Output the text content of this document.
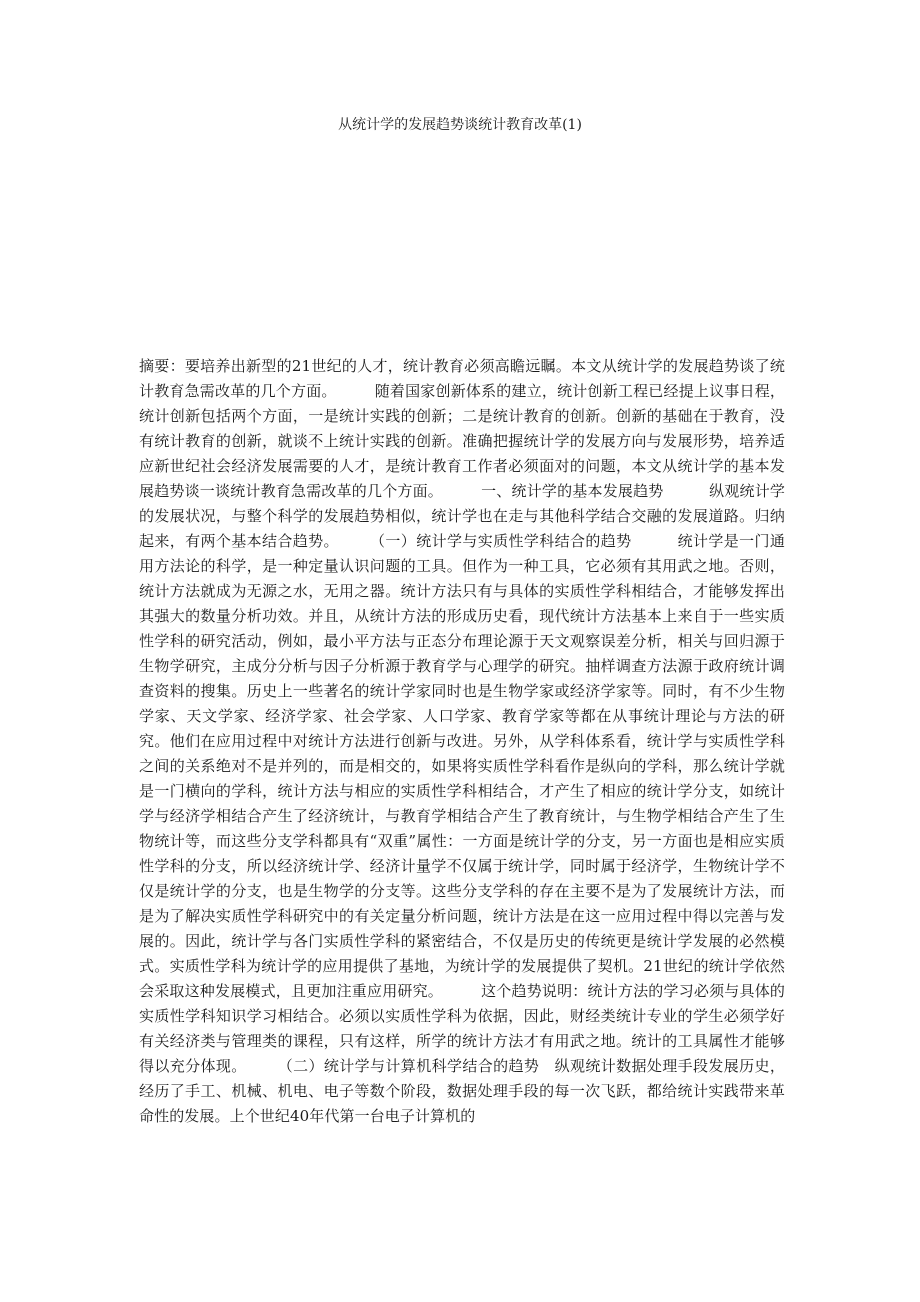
从统计学的发展趋势谈统计教育改革(1)

摘要：要培养出新型的21世纪的人才，统计教育必须高瞻远瞩。本文从统计学的发展趋势谈了统计教育急需改革的几个方面。　　　随着国家创新体系的建立，统计创新工程已经提上议事日程，统计创新包括两个方面，一是统计实践的创新；二是统计教育的创新。创新的基础在于教育，没有统计教育的创新，就谈不上统计实践的创新。准确把握统计学的发展方向与发展形势，培养适应新世纪社会经济发展需要的人才，是统计教育工作者必须面对的问题，本文从统计学的基本发展趋势谈一谈统计教育急需改革的几个方面。　　　一、统计学的基本发展趋势　　　纵观统计学的发展状况，与整个科学的发展趋势相似，统计学也在走与其他科学结合交融的发展道路。归纳起来，有两个基本结合趋势。　　　（一）统计学与实质性学科结合的趋势　　　统计学是一门通用方法论的科学，是一种定量认识问题的工具。但作为一种工具，它必须有其用武之地。否则，统计方法就成为无源之水，无用之器。统计方法只有与具体的实质性学科相结合，才能够发挥出其强大的数量分析功效。并且，从统计方法的形成历史看，现代统计方法基本上来自于一些实质性学科的研究活动，例如，最小平方法与正态分布理论源于天文观察误差分析，相关与回归源于生物学研究，主成分分析与因子分析源于教育学与心理学的研究。抽样调查方法源于政府统计调查资料的搜集。历史上一些著名的统计学家同时也是生物学家或经济学家等。同时，有不少生物学家、天文学家、经济学家、社会学家、人口学家、教育学家等都在从事统计理论与方法的研究。他们在应用过程中对统计方法进行创新与改进。另外，从学科体系看，统计学与实质性学科之间的关系绝对不是并列的，而是相交的，如果将实质性学科看作是纵向的学科，那么统计学就是一门横向的学科，统计方法与相应的实质性学科相结合，才产生了相应的统计学分支，如统计学与经济学相结合产生了经济统计，与教育学相结合产生了教育统计，与生物学相结合产生了生物统计等，而这些分支学科都具有“双重”属性：一方面是统计学的分支，另一方面也是相应实质性学科的分支，所以经济统计学、经济计量学不仅属于统计学，同时属于经济学，生物统计学不仅是统计学的分支，也是生物学的分支等。这些分支学科的存在主要不是为了发展统计方法，而是为了解决实质性学科研究中的有关定量分析问题，统计方法是在这一应用过程中得以完善与发展的。因此，统计学与各门实质性学科的紧密结合，不仅是历史的传统更是统计学发展的必然模式。实质性学科为统计学的应用提供了基地，为统计学的发展提供了契机。21世纪的统计学依然会采取这种发展模式，且更加注重应用研究。　　　这个趋势说明：统计方法的学习必须与具体的实质性学科知识学习相结合。必须以实质性学科为依据，因此，财经类统计专业的学生必须学好有关经济类与管理类的课程，只有这样，所学的统计方法才有用武之地。统计的工具属性才能够得以充分体现。　　　（二）统计学与计算机科学结合的趋势　纵观统计数据处理手段发展历史，经历了手工、机械、机电、电子等数个阶段，数据处理手段的每一次飞跃，都给统计实践带来革命性的发展。上个世纪40年代第一台电子计算机的
